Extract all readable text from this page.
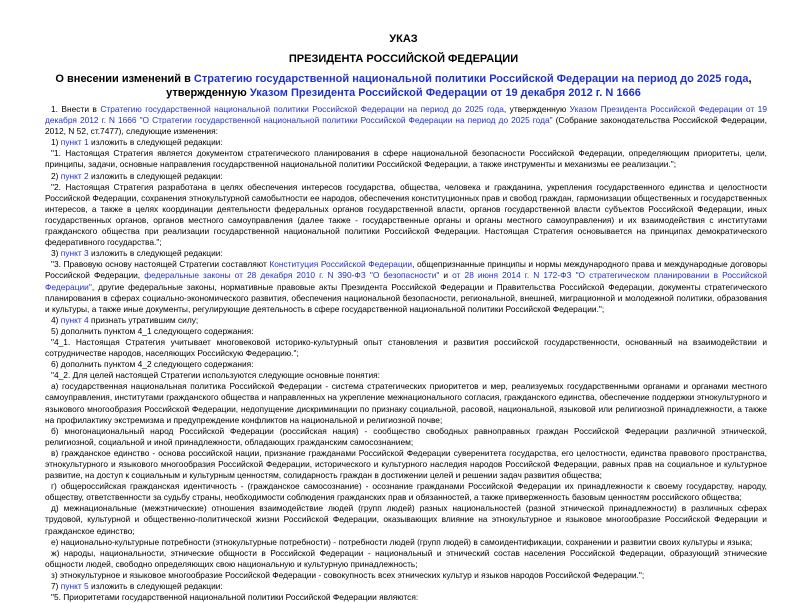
УКАЗ
ПРЕЗИДЕНТА РОССИЙСКОЙ ФЕДЕРАЦИИ
О внесении изменений в Стратегию государственной национальной политики Российской Федерации на период до 2025 года, утвержденную Указом Президента Российской Федерации от 19 декабря 2012 г. N 1666

1. Внести в Стратегию государственной национальной политики Российской Федерации на период до 2025 года, утвержденную Указом Президента Российской Федерации от 19 декабря 2012 г. N 1666 "О Стратегии государственной национальной политики Российской Федерации на период до 2025 года" (Собрание законодательства Российской Федерации, 2012, N 52, ст.7477), следующие изменения:

1) пункт 1 изложить в следующей редакции:

"1. Настоящая Стратегия является документом стратегического планирования в сфере национальной безопасности Российской Федерации, определяющим приоритеты, цели, принципы, задачи, основные направления государственной национальной политики Российской Федерации, а также инструменты и механизмы ее реализации.";

2) пункт 2 изложить в следующей редакции:

"2. Настоящая Стратегия разработана в целях обеспечения интересов государства, общества, человека и гражданина, укрепления государственного единства и целостности Российской Федерации, сохранения этнокультурной самобытности ее народов, обеспечения конституционных прав и свобод граждан, гармонизации общественных и государственных интересов, а также в целях координации деятельности федеральных органов государственной власти, органов государственной власти субъектов Российской Федерации, иных государственных органов, органов местного самоуправления (далее также - государственные органы и органы местного самоуправления) и их взаимодействия с институтами гражданского общества при реализации государственной национальной политики Российской Федерации. Настоящая Стратегия основывается на принципах демократического федеративного государства.";

3) пункт 3 изложить в следующей редакции:

"3. Правовую основу настоящей Стратегии составляют Конституция Российской Федерации, общепризнанные принципы и нормы международного права и международные договоры Российской Федерации, федеральные законы от 28 декабря 2010 г. N 390-ФЗ "О безопасности" и от 28 июня 2014 г. N 172-ФЗ "О стратегическом планировании в Российской Федерации", другие федеральные законы, нормативные правовые акты Президента Российской Федерации и Правительства Российской Федерации, документы стратегического планирования в сферах социально-экономического развития, обеспечения национальной безопасности, региональной, внешней, миграционной и молодежной политики, образования и культуры, а также иные документы, регулирующие деятельность в сфере государственной национальной политики Российской Федерации.";

4) пункт 4 признать утратившим силу;

5) дополнить пунктом 4_1 следующего содержания:

"4_1. Настоящая Стратегия учитывает многовековой историко-культурный опыт становления и развития российской государственности, основанный на взаимодействии и сотрудничестве народов, населяющих Российскую Федерацию.";

6) дополнить пунктом 4_2 следующего содержания:

"4_2. Для целей настоящей Стратегии используются следующие основные понятия:

а) государственная национальная политика Российской Федерации - система стратегических приоритетов и мер, реализуемых государственными органами и органами местного самоуправления, институтами гражданского общества и направленных на укрепление межнационального согласия, гражданского единства, обеспечение поддержки этнокультурного и языкового многообразия Российской Федерации, недопущение дискриминации по признаку социальной, расовой, национальной, языковой или религиозной принадлежности, а также на профилактику экстремизма и предупреждение конфликтов на национальной и религиозной почве;

б) многонациональный народ Российской Федерации (российская нация) - сообщество свободных равноправных граждан Российской Федерации различной этнической, религиозной, социальной и иной принадлежности, обладающих гражданским самосознанием;

в) гражданское единство - основа российской нации, признание гражданами Российской Федерации суверенитета государства, его целостности, единства правового пространства, этнокультурного и языкового многообразия Российской Федерации, исторического и культурного наследия народов Российской Федерации, равных прав на социальное и культурное развитие, на доступ к социальным и культурным ценностям, солидарность граждан в достижении целей и решении задач развития общества;

г) общероссийская гражданская идентичность - (гражданское самосознание) - осознание гражданами Российской Федерации их принадлежности к своему государству, народу, обществу, ответственности за судьбу страны, необходимости соблюдения гражданских прав и обязанностей, а также приверженность базовым ценностям российского общества;

д) межнациональные (межэтнические) отношения взаимодействие людей (групп людей) разных национальностей (разной этнической принадлежности) в различных сферах трудовой, культурной и общественно-политической жизни Российской Федерации, оказывающих влияние на этнокультурное и языковое многообразие Российской Федерации и гражданское единство;

е) национально-культурные потребности (этнокультурные потребности) - потребности людей (групп людей) в самоидентификации, сохранении и развитии своих культуры и языка;

ж) народы, национальности, этнические общности в Российской Федерации - национальный и этнический состав населения Российской Федерации, образующий этнические общности людей, свободно определяющих свою национальную и культурную принадлежность;

з) этнокультурное и языковое многообразие Российской Федерации - совокупность всех этнических культур и языков народов Российской Федерации.";

7) пункт 5 изложить в следующей редакции:

"5. Приоритетами государственной национальной политики Российской Федерации являются:
